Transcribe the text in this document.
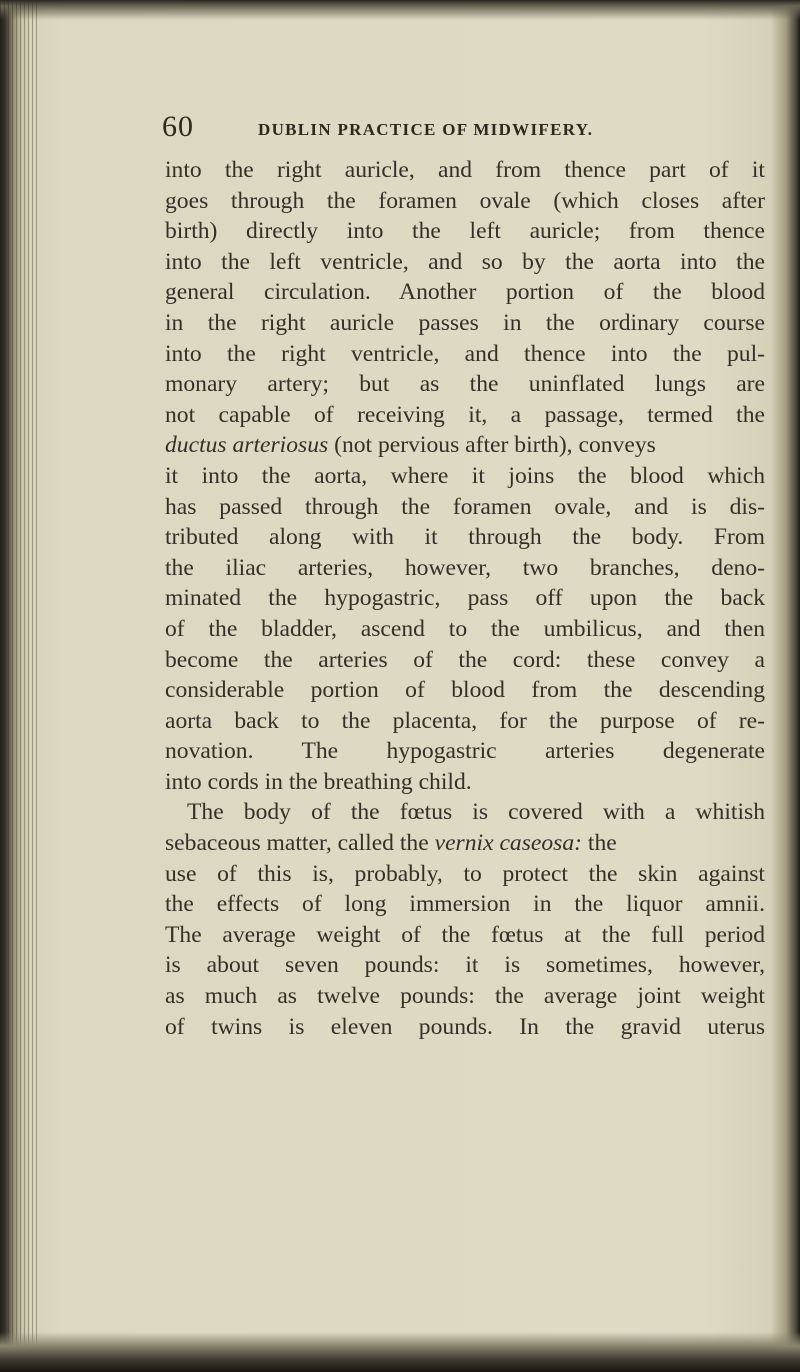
60	DUBLIN PRACTICE OF MIDWIFERY.
into the right auricle, and from thence part of it
goes through the foramen ovale (which closes after
birth) directly into the left auricle; from thence
into the left ventricle, and so by the aorta into the
general circulation. Another portion of the blood
in the right auricle passes in the ordinary course
into the right ventricle, and thence into the pul-
monary artery; but as the uninflated lungs are
not capable of receiving it, a passage, termed the
ductus arteriosus (not pervious after birth), conveys
it into the aorta, where it joins the blood which
has passed through the foramen ovale, and is dis-
tributed along with it through the body. From
the iliac arteries, however, two branches, deno-
minated the hypogastric, pass off upon the back
of the bladder, ascend to the umbilicus, and then
become the arteries of the cord: these convey a
considerable portion of blood from the descending
aorta back to the placenta, for the purpose of re-
novation. The hypogastric arteries degenerate
into cords in the breathing child.
The body of the fœtus is covered with a whitish
sebaceous matter, called the vernix caseosa: the
use of this is, probably, to protect the skin against
the effects of long immersion in the liquor amnii.
The average weight of the fœtus at the full period
is about seven pounds: it is sometimes, however,
as much as twelve pounds: the average joint weight
of twins is eleven pounds. In the gravid uterus
